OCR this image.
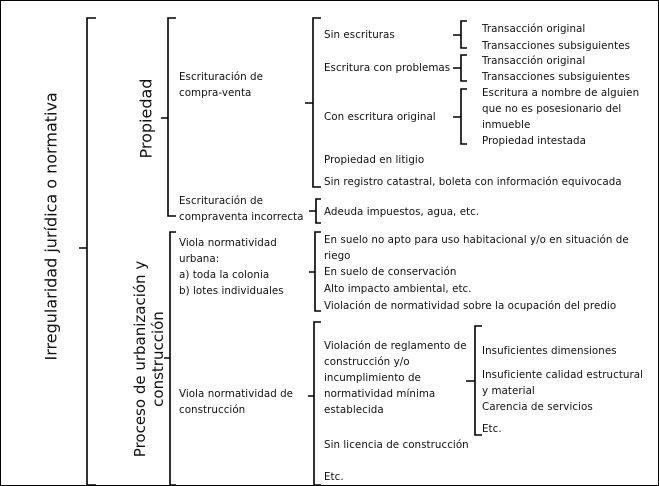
Irregularidad jurídica o normativa	Propiedad
Proceso de urbanización y construcción
Escrituración de
compra-venta
Escrituración de
compraventa incorrecta
Viola normatividad
urbana:
a) toda la colonia
b) lotes individuales
Viola normatividad de
construcción
Sin escrituras
Escritura con problemas
Con escritura original
Propiedad en litigio
Sin registro catastral, boleta con información equivocada
Transacción original
Transacciones subsiguientes
Transacción original
Transacciones subsiguientes
Escritura a nombre de alguien
que no es posesionario del
inmueble
Propiedad intestada
Adeuda impuestos, agua, etc.
En suelo no apto para uso habitacional y/o en situación de
riego
En suelo de conservación
Alto impacto ambiental, etc.
Violación de normatividad sobre la ocupación del predio
Violación de reglamento de
construcción y/o
incumplimiento de
normatividad mínima
establecida
Sin licencia de construcción
Etc.
Insuficientes dimensiones
Insuficiente calidad estructural
y material
Carencia de servicios
Etc.
